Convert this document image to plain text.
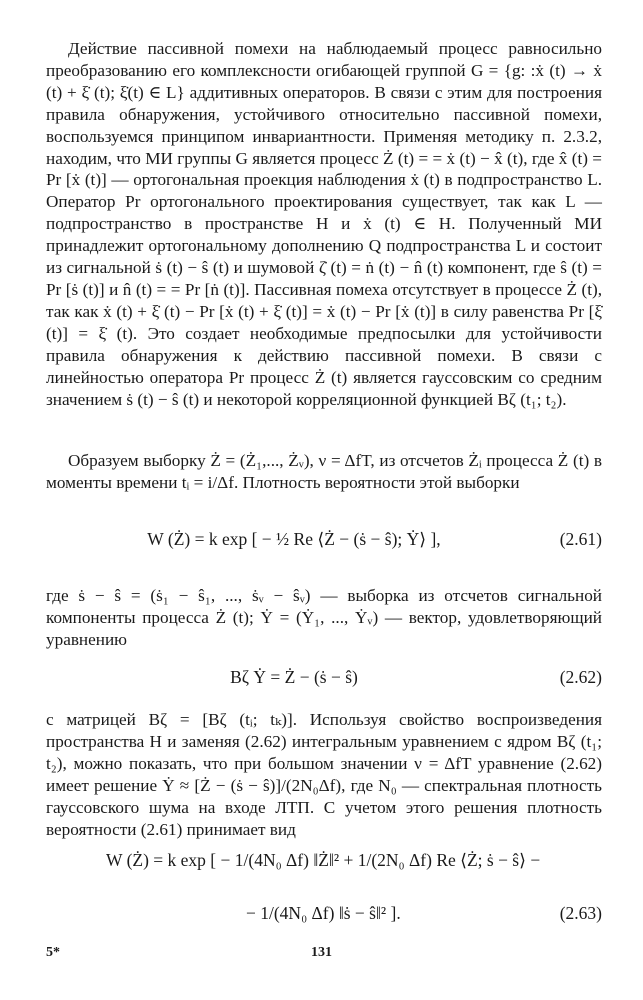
Действие пассивной помехи на наблюдаемый процесс равносильно преобразованию его комплексности огибающей группой G = {g: :ẋ (t) → ẋ (t) + ξ̇ (t); ξ̇(t) ∈ L} аддитивных операторов. В связи с этим для построения правила обнаружения, устойчивого относительно пассивной помехи, воспользуемся принципом инвариантности. Применяя методику п. 2.3.2, находим, что МИ группы G является процесс Ż (t) = = ẋ (t) − x̂ (t), где x̂ (t) = Pr [ẋ (t)] — ортогональная проекция наблюдения ẋ (t) в подпространство L. Оператор Pr ортогонального проектирования существует, так как L — подпространство в пространстве H и ẋ (t) ∈ H. Полученный МИ принадлежит ортогональному дополнению Q подпространства L и состоит из сигнальной ṡ (t) − ŝ (t) и шумовой ζ̇ (t) = ṅ (t) − n̂ (t) компонент, где ŝ (t) = Pr [ṡ (t)] и n̂ (t) = = Pr [ṅ (t)]. Пассивная помеха отсутствует в процессе Ż (t), так как ẋ (t) + ξ̇ (t) − Pr [ẋ (t) + ξ̇ (t)] = ẋ (t) − Pr [ẋ (t)] в силу равенства Pr [ξ̇ (t)] = ξ̇ (t). Это создает необходимые предпосылки для устойчивости правила обнаружения к действию пассивной помехи. В связи с линейностью оператора Pr процесс Ż (t) является гауссовским со средним значением ṡ (t) − ŝ (t) и некоторой корреляционной функцией Bζ (t₁; t₂).

Образуем выборку Ż = (Ż₁,..., Żᵥ), ν = ΔfT, из отсчетов Żᵢ процесса Ż (t) в моменты времени tᵢ = i/Δf. Плотность вероятности этой выборки

W (Ż) = k exp [ − ½ Re ⟨Ż − (ṡ − ŝ); Ẏ⟩ ],	(2.61)

где ṡ − ŝ = (ṡ₁ − ŝ₁, ..., ṡᵥ − ŝᵥ) — выборка из отсчетов сигнальной компоненты процесса Ż (t); Ẏ = (Ẏ₁, ..., Ẏᵥ) — вектор, удовлетворяющий уравнению

Bζ Ẏ = Ż − (ṡ − ŝ)	(2.62)

с матрицей Bζ = [Bζ (tᵢ; tₖ)]. Используя свойство воспроизведения пространства H и заменяя (2.62) интегральным уравнением с ядром Bζ (t₁; t₂), можно показать, что при большом значении ν = ΔfT уравнение (2.62) имеет решение Ẏ ≈ [Ż − (ṡ − ŝ)]/(2N₀Δf), где N₀ — спектральная плотность гауссовского шума на входе ЛТП. С учетом этого решения плотность вероятности (2.61) принимает вид

W (Ż) = k exp [ − 1/(4N₀ Δf) ‖Ż‖² + 1/(2N₀ Δf) Re ⟨Ż; ṡ − ŝ⟩ −
− 1/(4N₀ Δf) ‖ṡ − ŝ‖² ].	(2.63)
5*	131
